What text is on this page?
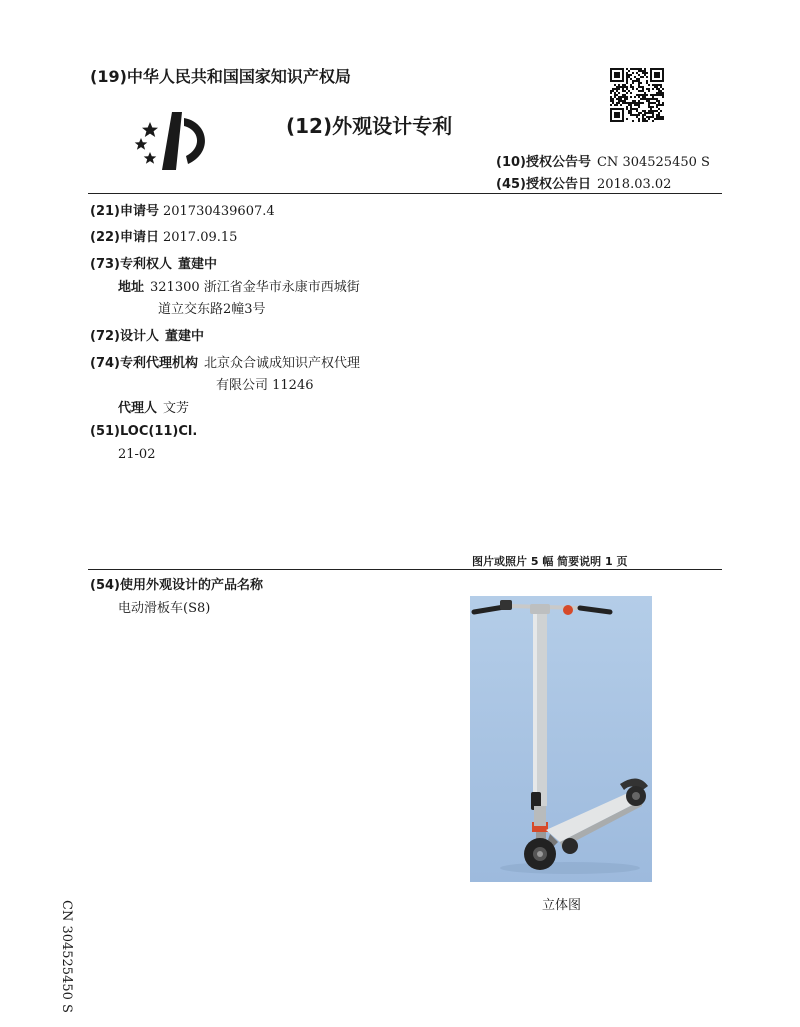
(19)中华人民共和国国家知识产权局
(12)外观设计专利
(10)授权公告号 CN 304525450 S
(45)授权公告日 2018.03.02
(21)申请号 201730439607.4
(22)申请日 2017.09.15
(73)专利权人 董建中
地址 321300 浙江省金华市永康市西城街
道立交东路2幢3号
(72)设计人 董建中
(74)专利代理机构 北京众合诚成知识产权代理
有限公司 11246
代理人 文芳
(51)LOC(11)Cl.
21-02
图片或照片 5 幅 简要说明 1 页
(54)使用外观设计的产品名称
电动滑板车(S8)
立体图
CN 304525450 S
